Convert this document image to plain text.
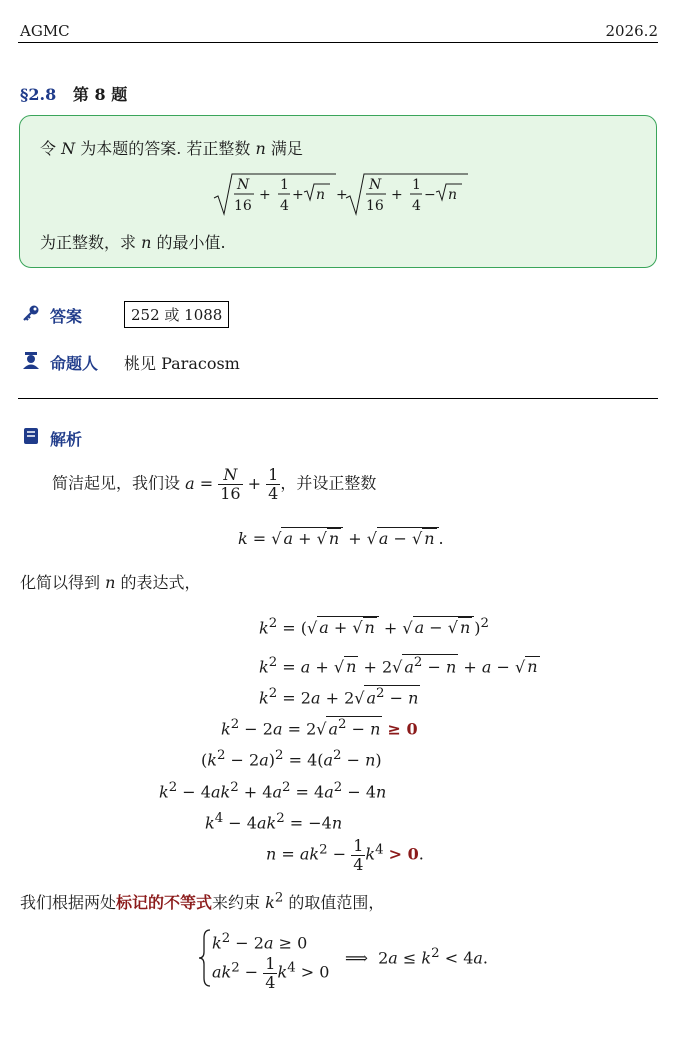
AGMC	2026.2
§2.8 第 8 题
令 N 为本题的答案. 若正整数 n 满足
N
16
+
1
4
+ n +
N
16
+
1
4
− n
为正整数，求 n 的最小值.
答案	252 或 1088
命题人 桃见 Paracosm
解析
简洁起见，我们设 $a = \frac{N}{16} + \frac{1}{4}$ ，并设正整数
k = √ a + √ n + √ a − √ n .
化简以得到 n 的表达式，
$k^2$ = (√ a + √ n + √ a − √ n )$^2$
$k^2 = a$ + √ n + 2√ $a^2 - n + a$ − √ n
$k^2 = 2a + 2√$ $a^2 - n$
$k^2 - 2a = 2√$ $a^2 - n \ge 0$
$(k^2 - 2a)^2 = 4(a^2 - n)$
$k^2 - 4ak^2 + 4a^2 = 4a^2 - 4n$
$k^4 - 4ak^2 = -4n$
$n = ak^2 - \frac{1}{4} k^4 > 0$.
我们根据两处标记的不等式来约束 $k^2$ 的取值范围，
$k^2 - 2a \ge 0$
$ak^2 - \frac{1}{4} k^4 > 0$
⟹  $2a \le k^2 < 4a$.
